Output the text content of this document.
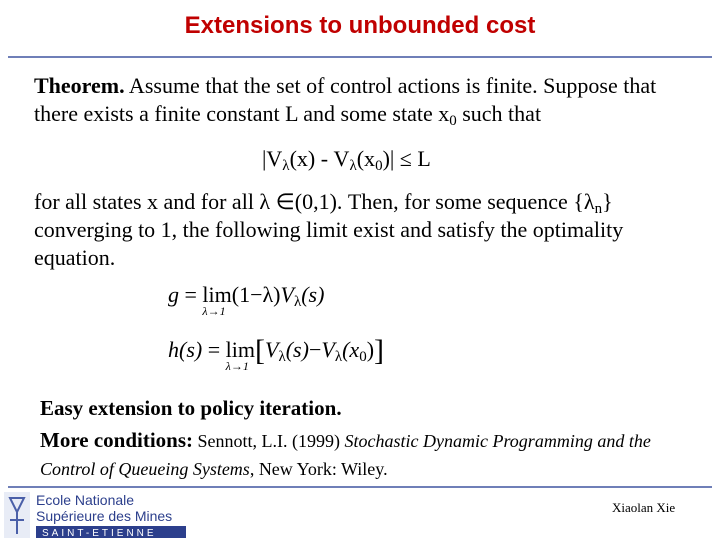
Extensions to unbounded cost
Theorem. Assume that the set of control actions is finite. Suppose that there exists a finite constant L and some state $x_0$ such that
$|V_\lambda(x) - V_\lambda(x_0)| \le L$
for all states x and for all λ ∈(0,1). Then, for some sequence $\{\lambda_n\}$ converging to 1, the following limit exist and satisfy the optimality equation.
g = lim
λ→1
$(1-\lambda)V_\lambda(s)$
h(s) = lim
λ→1 $[V_\lambda(s)-V_\lambda(x_0)]$
Easy extension to policy iteration.
More conditions: Sennott, L.I. (1999) Stochastic Dynamic Programming and the Control of Queueing Systems, New York: Wiley.
Ecole Nationale
Supérieure des Mines
SAINT-ETIENNE
Xiaolan Xie
